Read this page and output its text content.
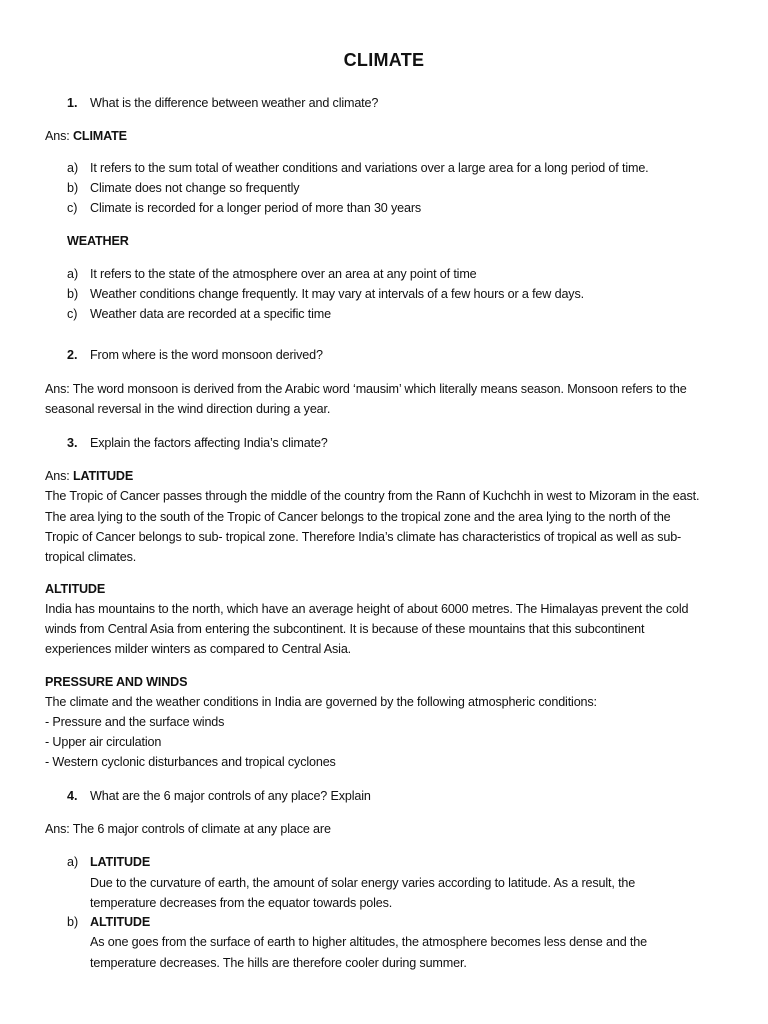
CLIMATE
1. What is the difference between weather and climate?
Ans: CLIMATE
a) It refers to the sum total of weather conditions and variations over a large area for a long period of time.
b) Climate does not change so frequently
c) Climate is recorded for a longer period of more than 30 years
WEATHER
a) It refers to the state of the atmosphere over an area at any point of time
b) Weather conditions change frequently. It may vary at intervals of a few hours or a few days.
c) Weather data are recorded at a specific time
2. From where is the word monsoon derived?
Ans: The word monsoon is derived from the Arabic word ‘mausim’ which literally means season. Monsoon refers to the
seasonal reversal in the wind direction during a year.
3. Explain the factors affecting India’s climate?
Ans: LATITUDE
The Tropic of Cancer passes through the middle of the country from the Rann of Kuchchh in west to Mizoram in the east.
The area lying to the south of the Tropic of Cancer belongs to the tropical zone and the area lying to the north of the
Tropic of Cancer belongs to sub- tropical zone. Therefore India’s climate has characteristics of tropical as well as sub-
tropical climates.
ALTITUDE
India has mountains to the north, which have an average height of about 6000 metres. The Himalayas prevent the cold
winds from Central Asia from entering the subcontinent. It is because of these mountains that this subcontinent
experiences milder winters as compared to Central Asia.
PRESSURE AND WINDS
The climate and the weather conditions in India are governed by the following atmospheric conditions:
- Pressure and the surface winds
- Upper air circulation
- Western cyclonic disturbances and tropical cyclones
4. What are the 6 major controls of any place? Explain
Ans: The 6 major controls of climate at any place are
a) LATITUDE
Due to the curvature of earth, the amount of solar energy varies according to latitude. As a result, the
temperature decreases from the equator towards poles.
b) ALTITUDE
As one goes from the surface of earth to higher altitudes, the atmosphere becomes less dense and the
temperature decreases. The hills are therefore cooler during summer.
